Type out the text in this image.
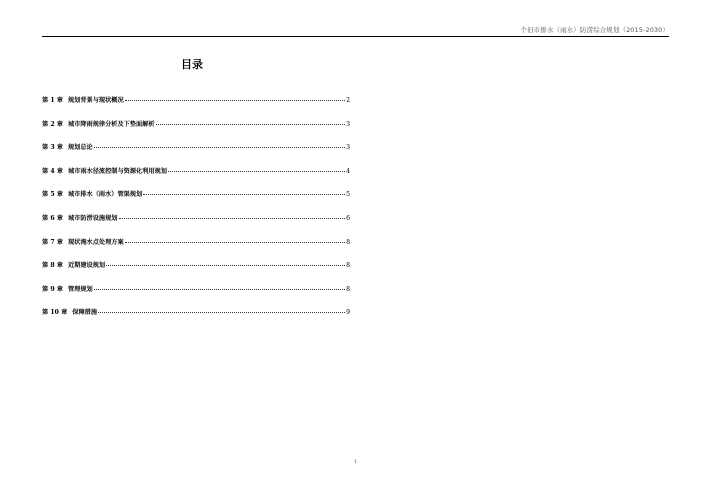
个旧市排水（雨水）防涝综合规划（2015-2030）
目录
第 1 章 规划背景与现状概况	2
第 2 章 城市降雨规律分析及下垫面解析	3
第 3 章 规划总论	3
第 4 章 城市雨水径流控制与资源化利用规划	4
第 5 章 城市排水（雨水）管渠规划	5
第 6 章 城市防涝设施规划	6
第 7 章 现状淹水点处理方案	8
第 8 章 近期建设规划	8
第 9 章 管理规划	8
第 10 章 保障措施	9
1
